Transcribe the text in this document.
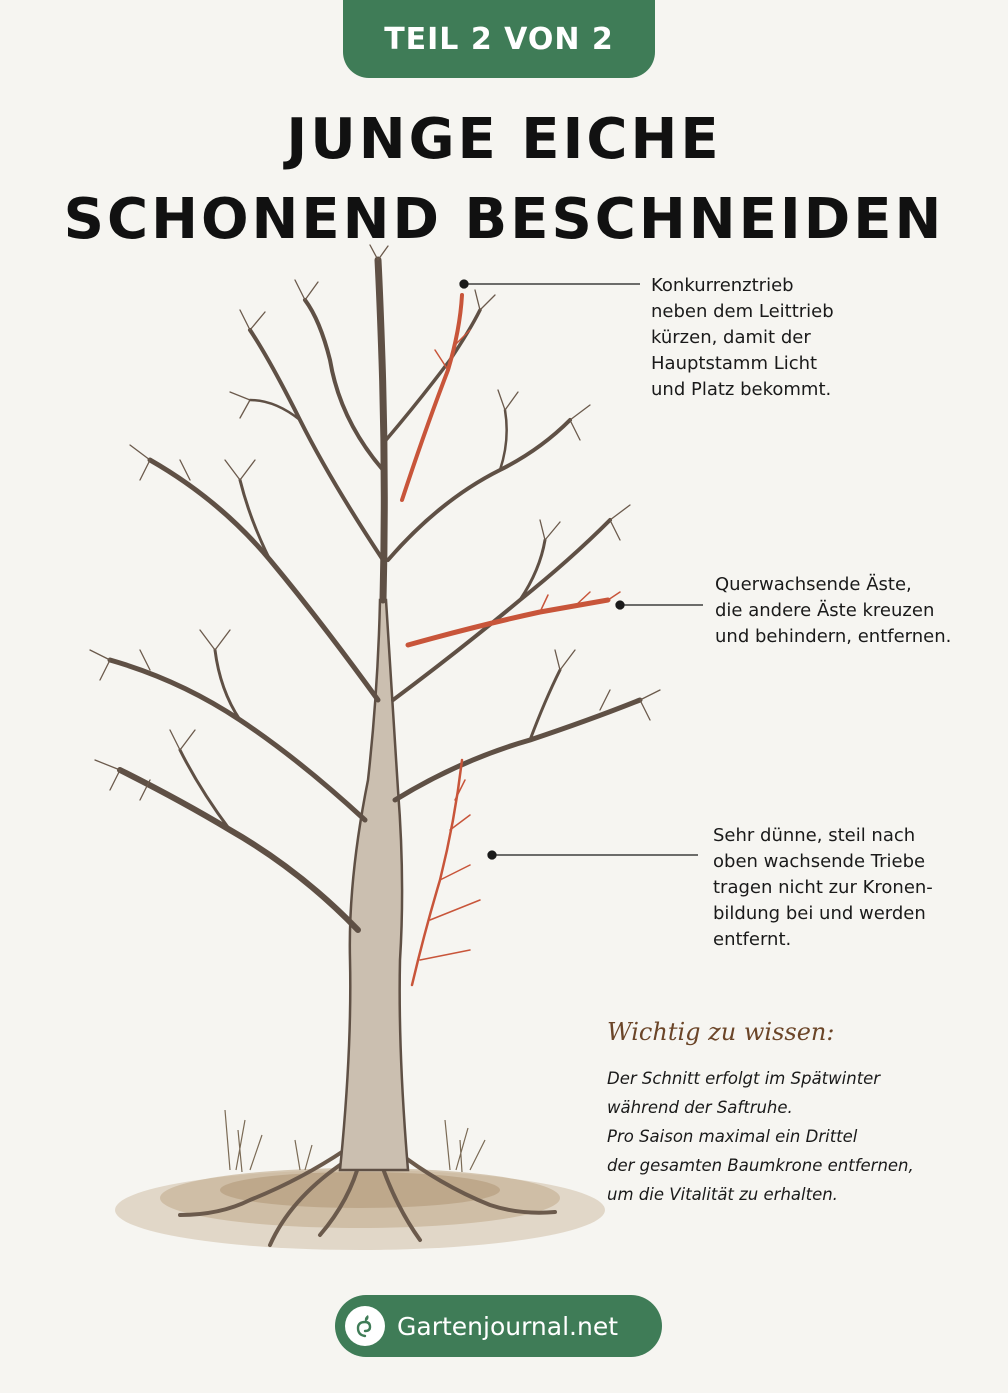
TEIL 2 VON 2
JUNGE EICHE
SCHONEND BESCHNEIDEN
Konkurrenztrieb
neben dem Leittrieb
kürzen, damit der
Hauptstamm Licht
und Platz bekommt.
Querwachsende Äste,
die andere Äste kreuzen
und behindern, entfernen.
Sehr dünne, steil nach
oben wachsende Triebe
tragen nicht zur Kronen-
bildung bei und werden
entfernt.
Wichtig zu wissen:
Der Schnitt erfolgt im Spätwinter
während der Saftruhe.
Pro Saison maximal ein Drittel
der gesamten Baumkrone entfernen,
um die Vitalität zu erhalten.
Gartenjournal.net
